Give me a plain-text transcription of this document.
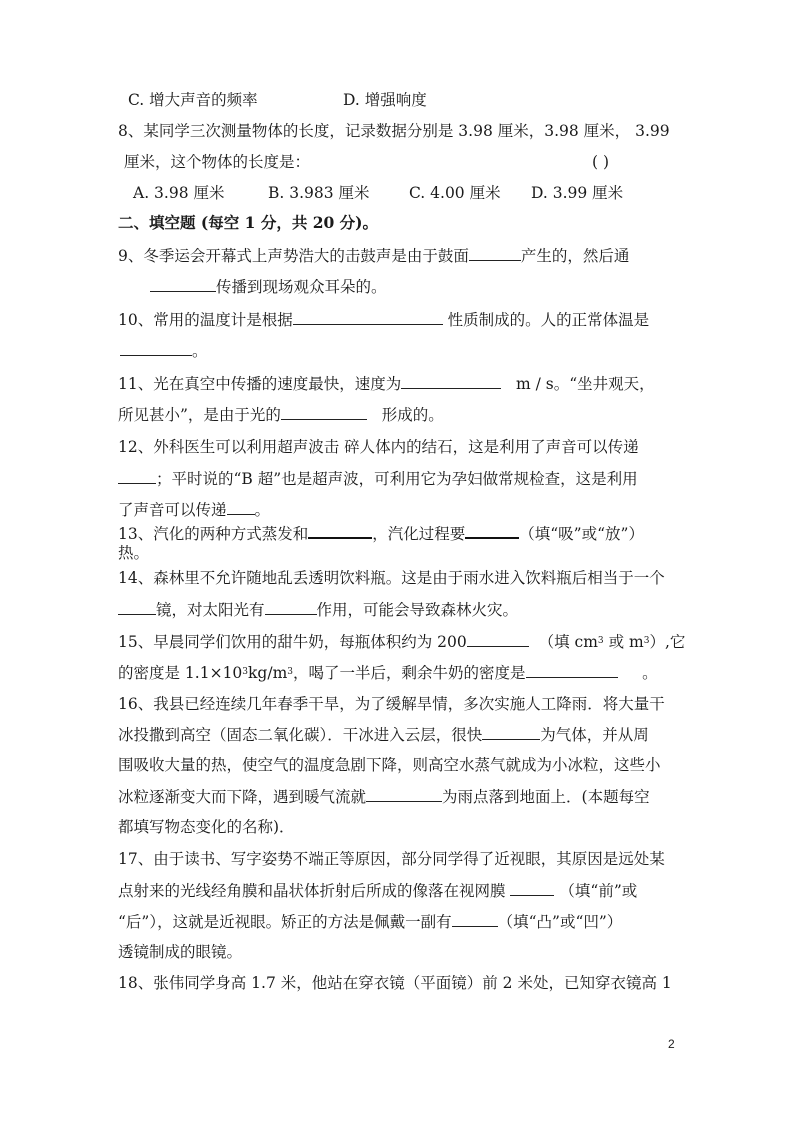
C. 增大声音的频率	D. 增强响度
8、某同学三次测量物体的长度，记录数据分别是 3.98 厘米，3.98 厘米， 3.99
厘米，这个物体的长度是：	( )
A. 3.98 厘米	B. 3.983 厘米	C. 4.00 厘米 D. 3.99 厘米
二、填空题 (每空 1 分，共 20 分)。
9、冬季运会开幕式上声势浩大的击鼓声是由于鼓面	产生的，然后通
传播到现场观众耳朵的。
10、常用的温度计是根据	性质制成的。人的正常体温是
。
11、光在真空中传播的速度最快，速度为	m / s。“坐井观天，
所见甚小”，是由于光的	形成的。
12、外科医生可以利用超声波击 碎人体内的结石，这是利用了声音可以传递
；平时说的“B 超”也是超声波，可利用它为孕妇做常规检查，这是利用
了声音可以传递 。
13、汽化的两种方式蒸发和	，汽化过程要	（填“吸”或“放”）
热。
14、森林里不允许随地乱丢透明饮料瓶。这是由于雨水进入饮料瓶后相当于一个
镜，对太阳光有	作用，可能会导致森林火灾。
15、早晨同学们饮用的甜牛奶，每瓶体积约为 200	（填 $cm^3$ 或 $m^3$）,它
的密度是 $1.1\times 10^3kg/m^3$，喝了一半后，剩余牛奶的密度是	。
16、我县已经连续几年春季干旱，为了缓解旱情，多次实施人工降雨．将大量干
冰投撒到高空（固态二氧化碳）．干冰进入云层，很快	为气体，并从周
围吸收大量的热，使空气的温度急剧下降，则高空水蒸气就成为小冰粒，这些小
冰粒逐渐变大而下降，遇到暖气流就	为雨点落到地面上．(本题每空
都填写物态变化的名称)．
17、由于读书、写字姿势不端正等原因，部分同学得了近视眼，其原因是远处某
点射来的光线经角膜和晶状体折射后所成的像落在视网膜	（填“前”或
“后”），这就是近视眼。矫正的方法是佩戴一副有	（填“凸”或“凹”）
透镜制成的眼镜。
18、张伟同学身高 1.7 米，他站在穿衣镜（平面镜）前 2 米处，已知穿衣镜高 1
2
